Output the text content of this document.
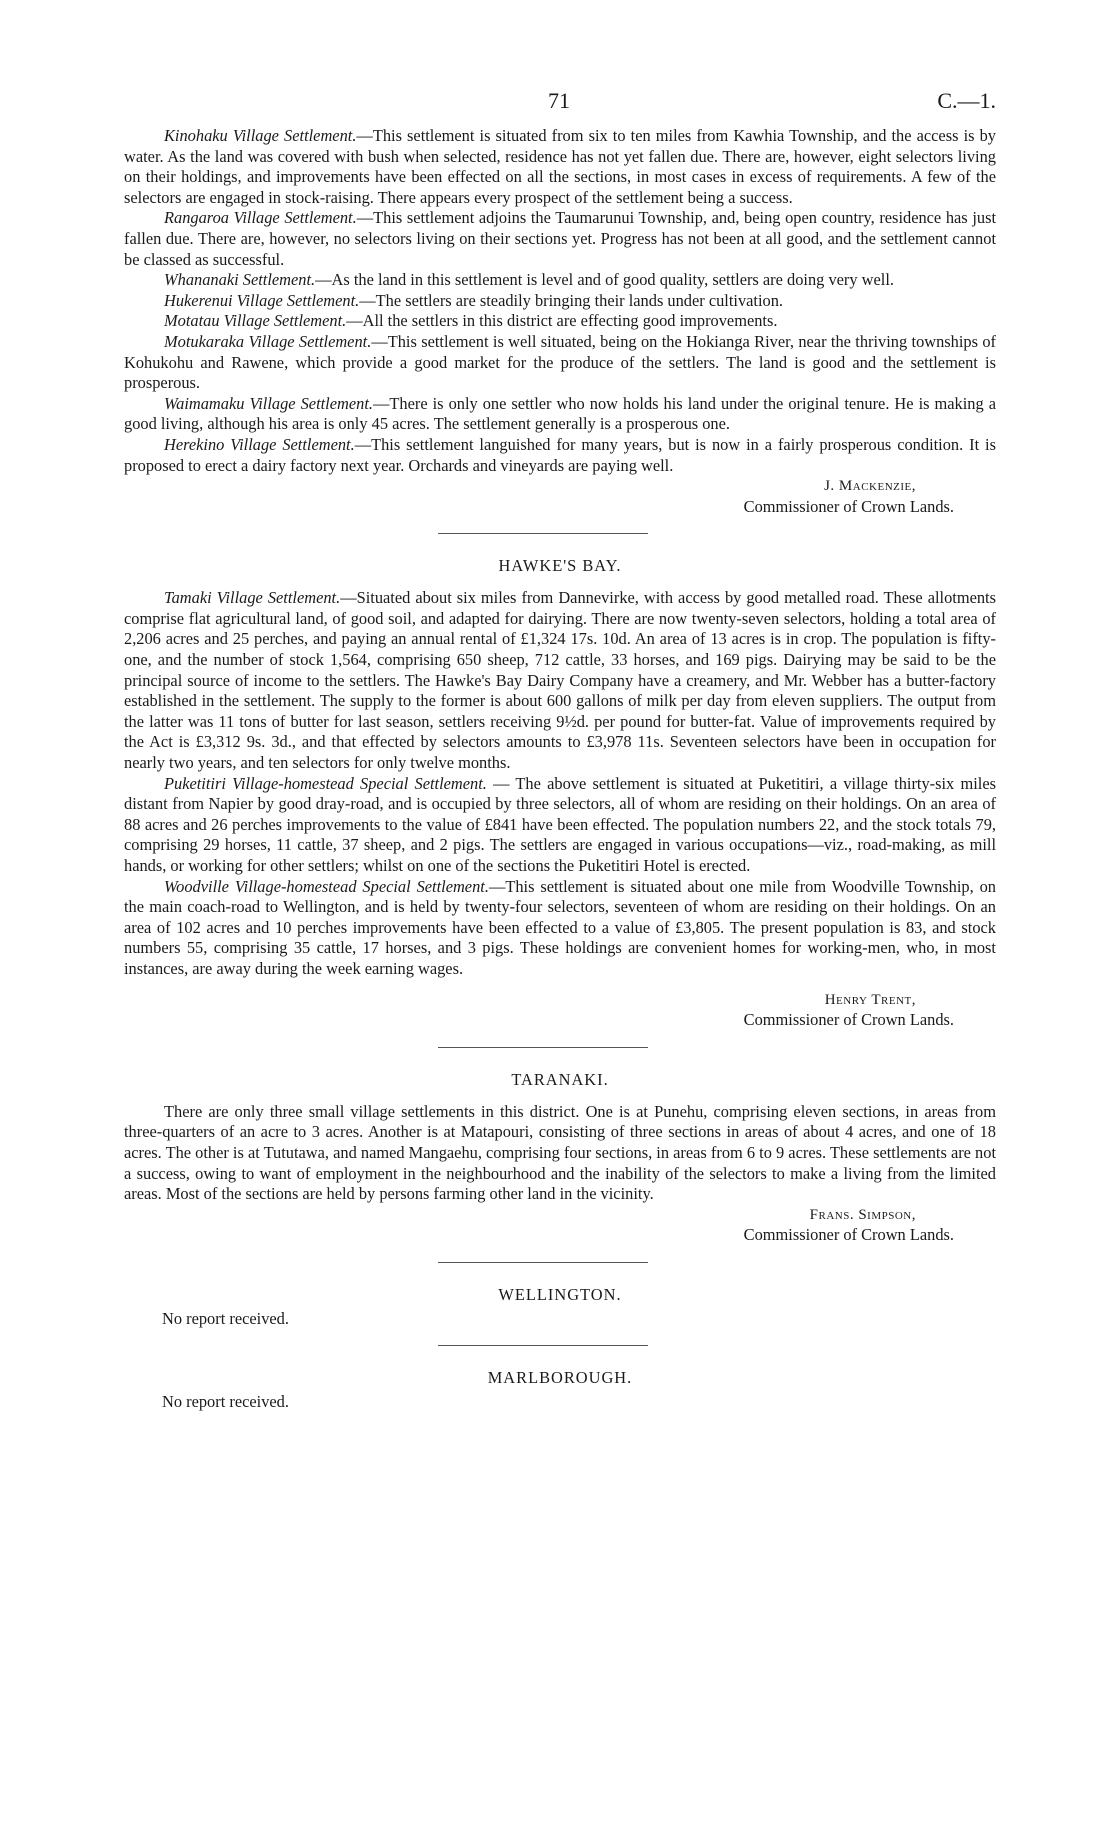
71	C.—1.

Kinohaku Village Settlement.—This settlement is situated from six to ten miles from Kawhia Township, and the access is by water. As the land was covered with bush when selected, residence has not yet fallen due. There are, however, eight selectors living on their holdings, and improvements have been effected on all the sections, in most cases in excess of requirements. A few of the selectors are engaged in stock-raising. There appears every prospect of the settlement being a success.

Rangaroa Village Settlement.—This settlement adjoins the Taumarunui Township, and, being open country, residence has just fallen due. There are, however, no selectors living on their sections yet. Progress has not been at all good, and the settlement cannot be classed as successful.

Whananaki Settlement.—As the land in this settlement is level and of good quality, settlers are doing very well.

Hukerenui Village Settlement.—The settlers are steadily bringing their lands under cultivation.

Motatau Village Settlement.—All the settlers in this district are effecting good improvements.

Motukaraka Village Settlement.—This settlement is well situated, being on the Hokianga River, near the thriving townships of Kohukohu and Rawene, which provide a good market for the produce of the settlers. The land is good and the settlement is prosperous.

Waimamaku Village Settlement.—There is only one settler who now holds his land under the original tenure. He is making a good living, although his area is only 45 acres. The settlement generally is a prosperous one.

Herekino Village Settlement.—This settlement languished for many years, but is now in a fairly prosperous condition. It is proposed to erect a dairy factory next year. Orchards and vineyards are paying well.

J. Mackenzie,
Commissioner of Crown Lands.
HAWKE'S BAY.

Tamaki Village Settlement.—Situated about six miles from Dannevirke, with access by good metalled road. These allotments comprise flat agricultural land, of good soil, and adapted for dairying. There are now twenty-seven selectors, holding a total area of 2,206 acres and 25 perches, and paying an annual rental of £1,324 17s. 10d. An area of 13 acres is in crop. The population is fifty-one, and the number of stock 1,564, comprising 650 sheep, 712 cattle, 33 horses, and 169 pigs. Dairying may be said to be the principal source of income to the settlers. The Hawke's Bay Dairy Company have a creamery, and Mr. Webber has a butter-factory established in the settlement. The supply to the former is about 600 gallons of milk per day from eleven suppliers. The output from the latter was 11 tons of butter for last season, settlers receiving 9½d. per pound for butter-fat. Value of improvements required by the Act is £3,312 9s. 3d., and that effected by selectors amounts to £3,978 11s. Seventeen selectors have been in occupation for nearly two years, and ten selectors for only twelve months.

Puketitiri Village-homestead Special Settlement. — The above settlement is situated at Puketitiri, a village thirty-six miles distant from Napier by good dray-road, and is occupied by three selectors, all of whom are residing on their holdings. On an area of 88 acres and 26 perches improvements to the value of £841 have been effected. The population numbers 22, and the stock totals 79, comprising 29 horses, 11 cattle, 37 sheep, and 2 pigs. The settlers are engaged in various occupations—viz., road-making, as mill hands, or working for other settlers; whilst on one of the sections the Puketitiri Hotel is erected.

Woodville Village-homestead Special Settlement.—This settlement is situated about one mile from Woodville Township, on the main coach-road to Wellington, and is held by twenty-four selectors, seventeen of whom are residing on their holdings. On an area of 102 acres and 10 perches improvements have been effected to a value of £3,805. The present population is 83, and stock numbers 55, comprising 35 cattle, 17 horses, and 3 pigs. These holdings are convenient homes for working-men, who, in most instances, are away during the week earning wages.

Henry Trent,
Commissioner of Crown Lands.
TARANAKI.

There are only three small village settlements in this district. One is at Punehu, comprising eleven sections, in areas from three-quarters of an acre to 3 acres. Another is at Matapouri, consisting of three sections in areas of about 4 acres, and one of 18 acres. The other is at Tututawa, and named Mangaehu, comprising four sections, in areas from 6 to 9 acres. These settlements are not a success, owing to want of employment in the neighbourhood and the inability of the selectors to make a living from the limited areas. Most of the sections are held by persons farming other land in the vicinity.

Frans. Simpson,
Commissioner of Crown Lands.
WELLINGTON.
No report received.
MARLBOROUGH.
No report received.
